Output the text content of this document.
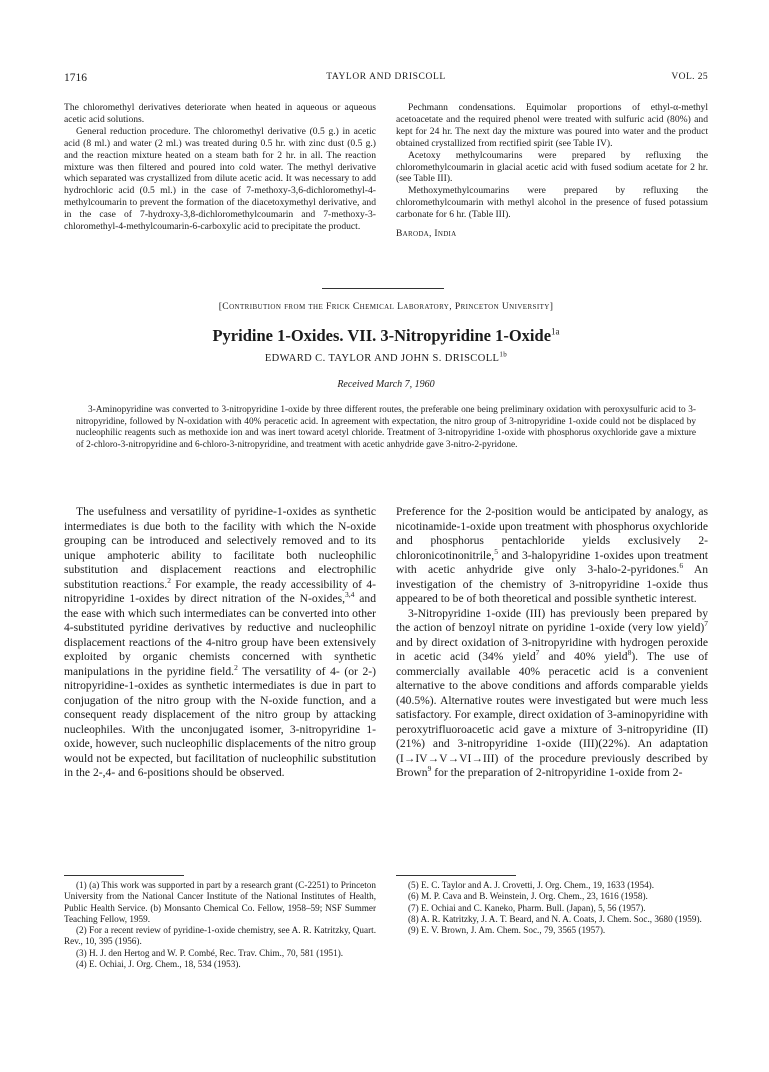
1716	TAYLOR AND DRISCOLL	VOL. 25

The chloromethyl derivatives deteriorate when heated in aqueous or aqueous acetic acid solutions.

General reduction procedure. The chloromethyl derivative (0.5 g.) in acetic acid (8 ml.) and water (2 ml.) was treated during 0.5 hr. with zinc dust (0.5 g.) and the reaction mixture heated on a steam bath for 2 hr. in all. The reaction mixture was then filtered and poured into cold water. The methyl derivative which separated was crystallized from dilute acetic acid. It was necessary to add hydrochloric acid (0.5 ml.) in the case of 7-methoxy-3,6-dichloromethyl-4-methylcoumarin to prevent the formation of the diacetoxymethyl derivative, and in the case of 7-hydroxy-3,8-dichloromethylcoumarin and 7-methoxy-3-chloromethyl-4-methylcoumarin-6-carboxylic acid to precipitate the product.

Pechmann condensations. Equimolar proportions of ethyl-α-methyl acetoacetate and the required phenol were treated with sulfuric acid (80%) and kept for 24 hr. The next day the mixture was poured into water and the product obtained crystallized from rectified spirit (see Table IV).

Acetoxy methylcoumarins were prepared by refluxing the chloromethylcoumarin in glacial acetic acid with fused sodium acetate for 2 hr. (see Table III).

Methoxymethylcoumarins were prepared by refluxing the chloromethylcoumarin with methyl alcohol in the presence of fused potassium carbonate for 6 hr. (Table III).

Baroda, India

[Contribution from the Frick Chemical Laboratory, Princeton University]
Pyridine 1-Oxides. VII. 3-Nitropyridine 1-Oxide$^{1a}$
EDWARD C. TAYLOR AND JOHN S. $DRISCOLL^{1b}$
Received March 7, 1960

3-Aminopyridine was converted to 3-nitropyridine 1-oxide by three different routes, the preferable one being preliminary oxidation with peroxysulfuric acid to 3-nitropyridine, followed by N-oxidation with 40% peracetic acid. In agreement with expectation, the nitro group of 3-nitropyridine 1-oxide could not be displaced by nucleophilic reagents such as methoxide ion and was inert toward acetyl chloride. Treatment of 3-nitropyridine 1-oxide with phosphorus oxychloride gave a mixture of 2-chloro-3-nitropyridine and 6-chloro-3-nitropyridine, and treatment with acetic anhydride gave 3-nitro-2-pyridone.

The usefulness and versatility of pyridine-1-oxides as synthetic intermediates is due both to the facility with which the N-oxide grouping can be introduced and selectively removed and to its unique amphoteric ability to facilitate both nucleophilic substitution and displacement reactions and electrophilic substitution reactions.$^2$ For example, the ready accessibility of 4-nitropyridine 1-oxides by direct nitration of the N-oxides,$^{3,4}$ and the ease with which such intermediates can be converted into other 4-substituted pyridine derivatives by reductive and nucleophilic displacement reactions of the 4-nitro group have been extensively exploited by organic chemists concerned with synthetic manipulations in the pyridine field.$^2$ The versatility of 4- (or 2-) nitropyridine-1-oxides as synthetic intermediates is due in part to conjugation of the nitro group with the N-oxide function, and a consequent ready displacement of the nitro group by attacking nucleophiles. With the unconjugated isomer, 3-nitropyridine 1-oxide, however, such nucleophilic displacements of the nitro group would not be expected, but facilitation of nucleophilic substitution in the 2-,4- and 6-positions should be observed.

Preference for the 2-position would be anticipated by analogy, as nicotinamide-1-oxide upon treatment with phosphorus oxychloride and phosphorus pentachloride yields exclusively 2-chloronicotinonitrile,$^5$ and 3-halopyridine 1-oxides upon treatment with acetic anhydride give only 3-halo-2-pyridones.$^6$ An investigation of the chemistry of 3-nitropyridine 1-oxide thus appeared to be of both theoretical and possible synthetic interest.

3-Nitropyridine 1-oxide (III) has previously been prepared by the action of benzoyl nitrate on pyridine 1-oxide (very low yield)$^7$ and by direct oxidation of 3-nitropyridine with hydrogen peroxide in acetic acid (34% yield$^7$ and 40% yield$^8$). The use of commercially available 40% peracetic acid is a convenient alternative to the above conditions and affords comparable yields (40.5%). Alternative routes were investigated but were much less satisfactory. For example, direct oxidation of 3-aminopyridine with peroxytrifluoroacetic acid gave a mixture of 3-nitropyridine (II) (21%) and 3-nitropyridine 1-oxide (III)(22%). An adaptation (I→IV→V→VI→III) of the procedure previously described by Brown$^9$ for the preparation of 2-nitropyridine 1-oxide from 2-

(1) (a) This work was supported in part by a research grant (C-2251) to Princeton University from the National Cancer Institute of the National Institutes of Health, Public Health Service. (b) Monsanto Chemical Co. Fellow, 1958–59; NSF Summer Teaching Fellow, 1959.

(2) For a recent review of pyridine-1-oxide chemistry, see A. R. Katritzky, Quart. Rev., 10, 395 (1956).

(3) H. J. den Hertog and W. P. Combé, Rec. Trav. Chim., 70, 581 (1951).

(4) E. Ochiai, J. Org. Chem., 18, 534 (1953).

(5) E. C. Taylor and A. J. Crovetti, J. Org. Chem., 19, 1633 (1954).

(6) M. P. Cava and B. Weinstein, J. Org. Chem., 23, 1616 (1958).

(7) E. Ochiai and C. Kaneko, Pharm. Bull. (Japan), 5, 56 (1957).

(8) A. R. Katritzky, J. A. T. Beard, and N. A. Coats, J. Chem. Soc., 3680 (1959).

(9) E. V. Brown, J. Am. Chem. Soc., 79, 3565 (1957).
